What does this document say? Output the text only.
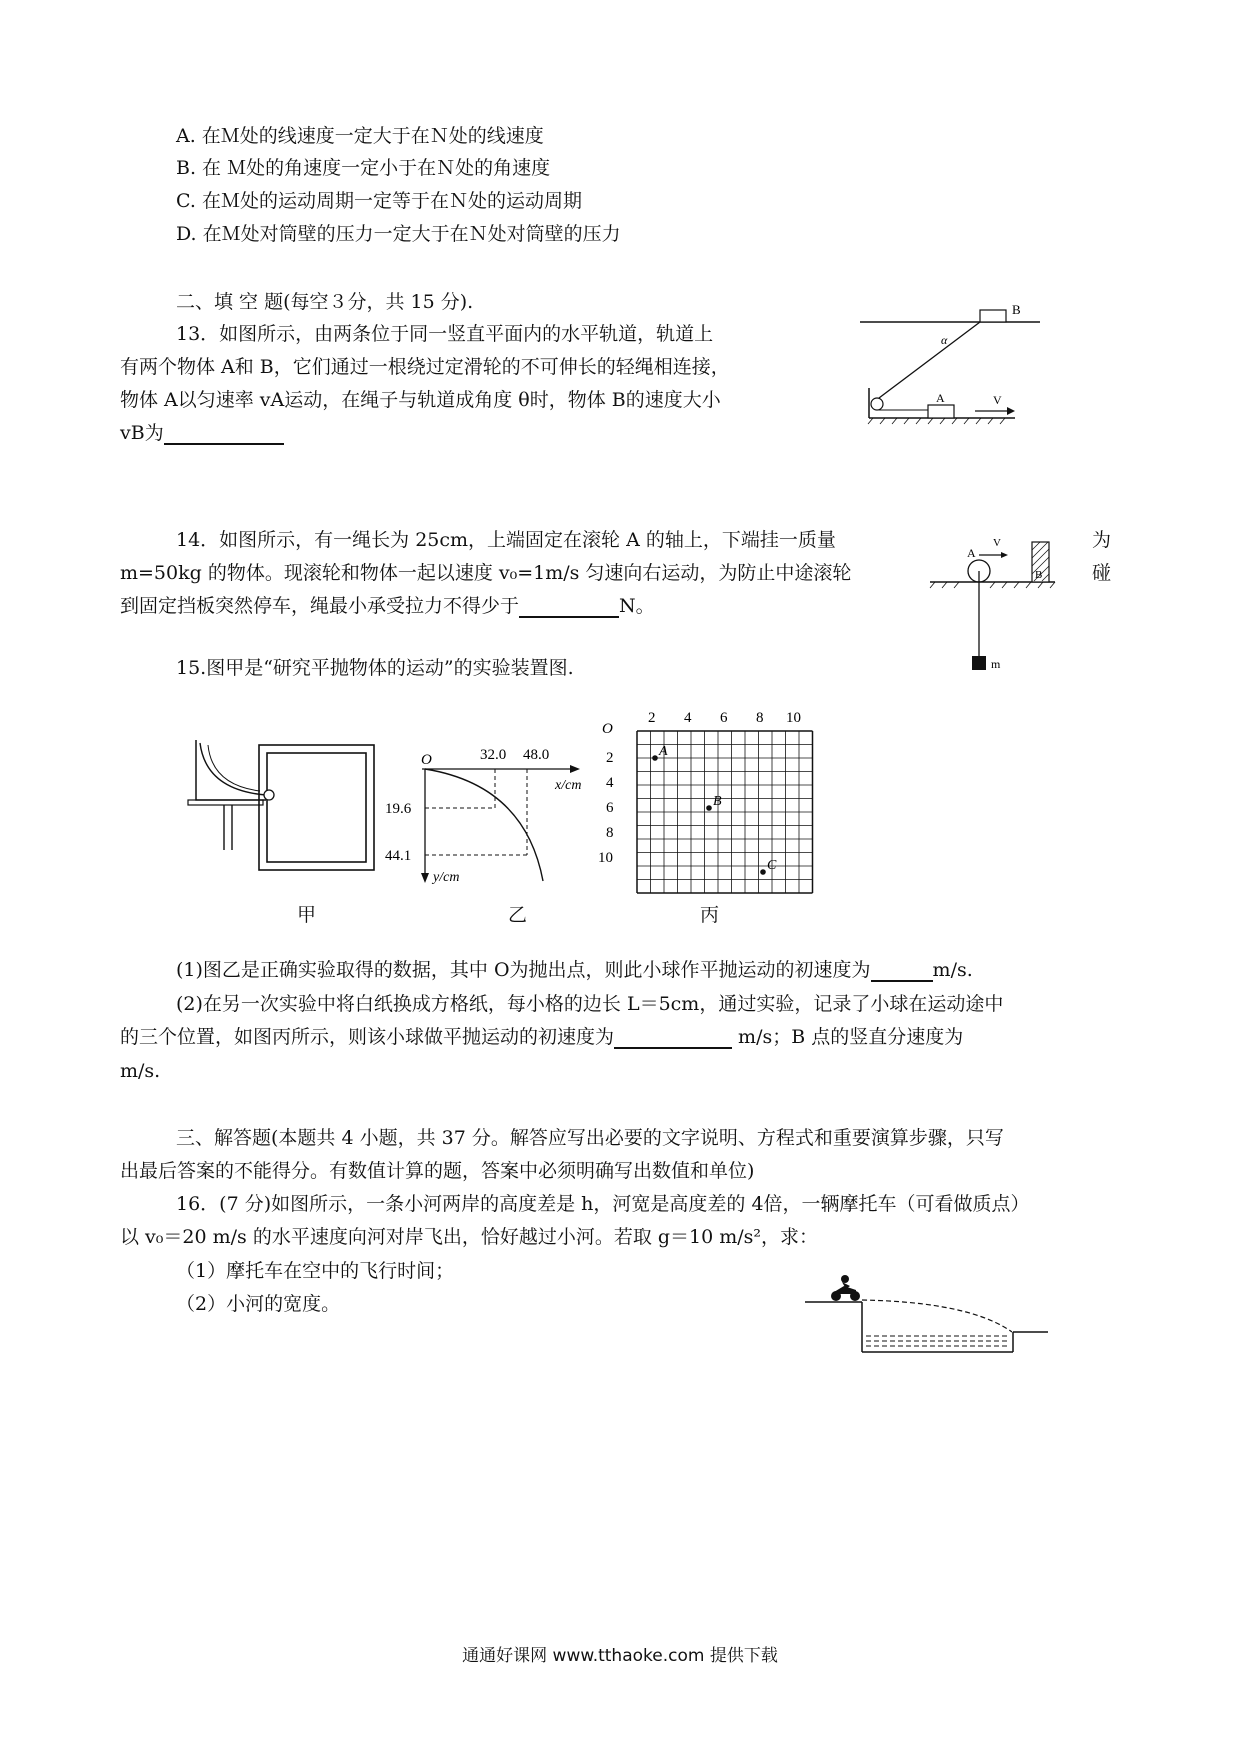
A. 在Ｍ处的线速度一定大于在Ｎ处的线速度
B. 在 Ｍ处的角速度一定小于在Ｎ处的角速度
C. 在Ｍ处的运动周期一定等于在Ｎ处的运动周期
D. 在Ｍ处对筒壁的压力一定大于在Ｎ处对筒壁的压力
二、填 空 题(每空３分，共 15 分).
13．如图所示，由两条位于同一竖直平面内的水平轨道，轨道上
有两个物体 A和 B，它们通过一根绕过定滑轮的不可伸长的轻绳相连接，
物体 A以匀速率 vA运动，在绳子与轨道成角度 θ时，物体 B的速度大小
vB为
B
α
A	V
14．如图所示，有一绳长为 25cm，上端固定在滚轮 A 的轴上，下端挂一质量
m=50kg 的物体。现滚轮和物体一起以速度 v₀=1m/s 匀速向右运动，为防止中途滚轮
到固定挡板突然停车，绳最小承受拉力不得少于	N。
为
碰
A
V
B
m
15.图甲是“研究平抛物体的运动”的实验装置图.
甲
O	32.0 48.0
x/cm
y/cm
19.6
44.1
乙
O
2 4 6 8 10
2
4
6
8
10
A
B
C
丙
(1)图乙是正确实验取得的数据，其中 O为抛出点，则此小球作平抛运动的初速度为	m/s.
(2)在另一次实验中将白纸换成方格纸，每小格的边长 L＝5cm，通过实验，记录了小球在运动途中
的三个位置，如图丙所示，则该小球做平抛运动的初速度为	m/s；B 点的竖直分速度为
m/s.
三、解答题(本题共 4 小题，共 37 分。解答应写出必要的文字说明、方程式和重要演算步骤，只写
出最后答案的不能得分。有数值计算的题，答案中必须明确写出数值和单位)
16．(7 分)如图所示，一条小河两岸的高度差是 h，河宽是高度差的 4倍，一辆摩托车（可看做质点）
以 v₀＝20 m/s 的水平速度向河对岸飞出，恰好越过小河。若取 g＝10 m/s²，求：
（1）摩托车在空中的飞行时间；
（2）小河的宽度。
通通好课网 www.tthaoke.com 提供下载
